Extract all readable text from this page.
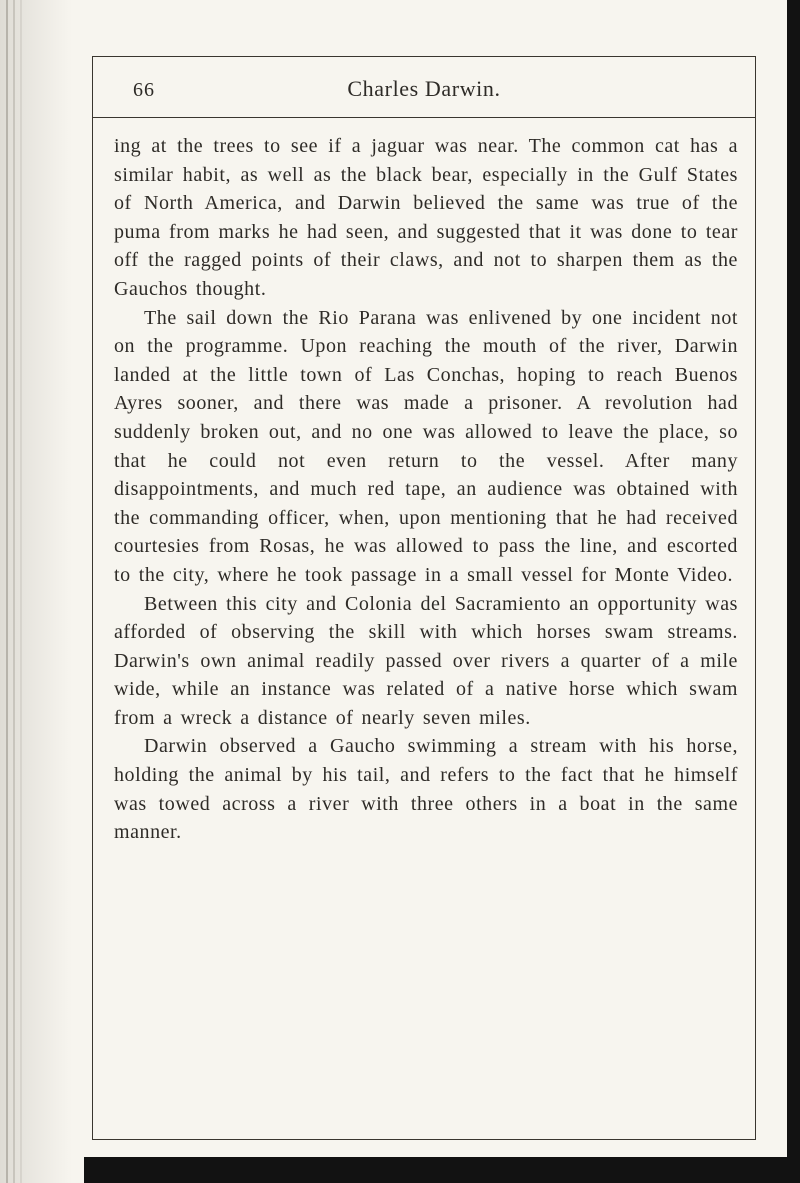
66	Charles Darwin.

ing at the trees to see if a jaguar was near. The common cat has a similar habit, as well as the black bear, especially in the Gulf States of North America, and Darwin believed the same was true of the puma from marks he had seen, and suggested that it was done to tear off the ragged points of their claws, and not to sharpen them as the Gauchos thought.

The sail down the Rio Parana was enlivened by one incident not on the programme. Upon reaching the mouth of the river, Darwin landed at the little town of Las Conchas, hoping to reach Buenos Ayres sooner, and there was made a prisoner. A revolution had suddenly broken out, and no one was allowed to leave the place, so that he could not even return to the vessel. After many disappointments, and much red tape, an audience was obtained with the commanding officer, when, upon mentioning that he had received courtesies from Rosas, he was allowed to pass the line, and escorted to the city, where he took passage in a small vessel for Monte Video.

Between this city and Colonia del Sacramiento an opportunity was afforded of observing the skill with which horses swam streams. Darwin's own animal readily passed over rivers a quarter of a mile wide, while an instance was related of a native horse which swam from a wreck a distance of nearly seven miles.

Darwin observed a Gaucho swimming a stream with his horse, holding the animal by his tail, and refers to the fact that he himself was towed across a river with three others in a boat in the same manner.
